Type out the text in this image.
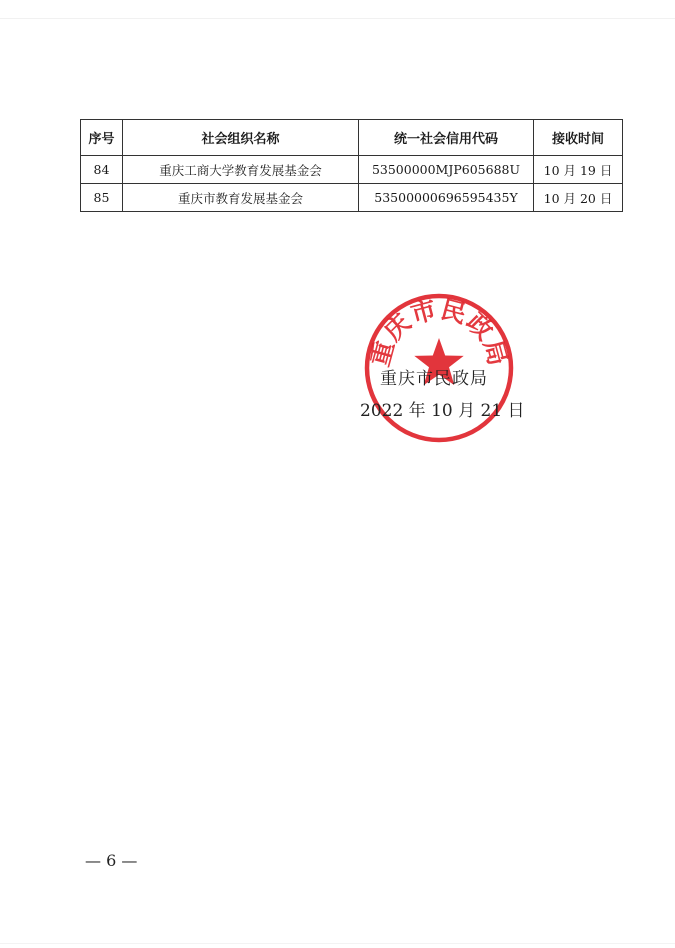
序号	社会组织名称	统一社会信用代码	接收时间
84	重庆工商大学教育发展基金会	53500000MJP605688U	10 月 19 日
85	重庆市教育发展基金会	53500000696595435Y	10 月 20 日
重庆市民政局
重庆市民政局
2022 年 10 月 21 日
— 6 —
